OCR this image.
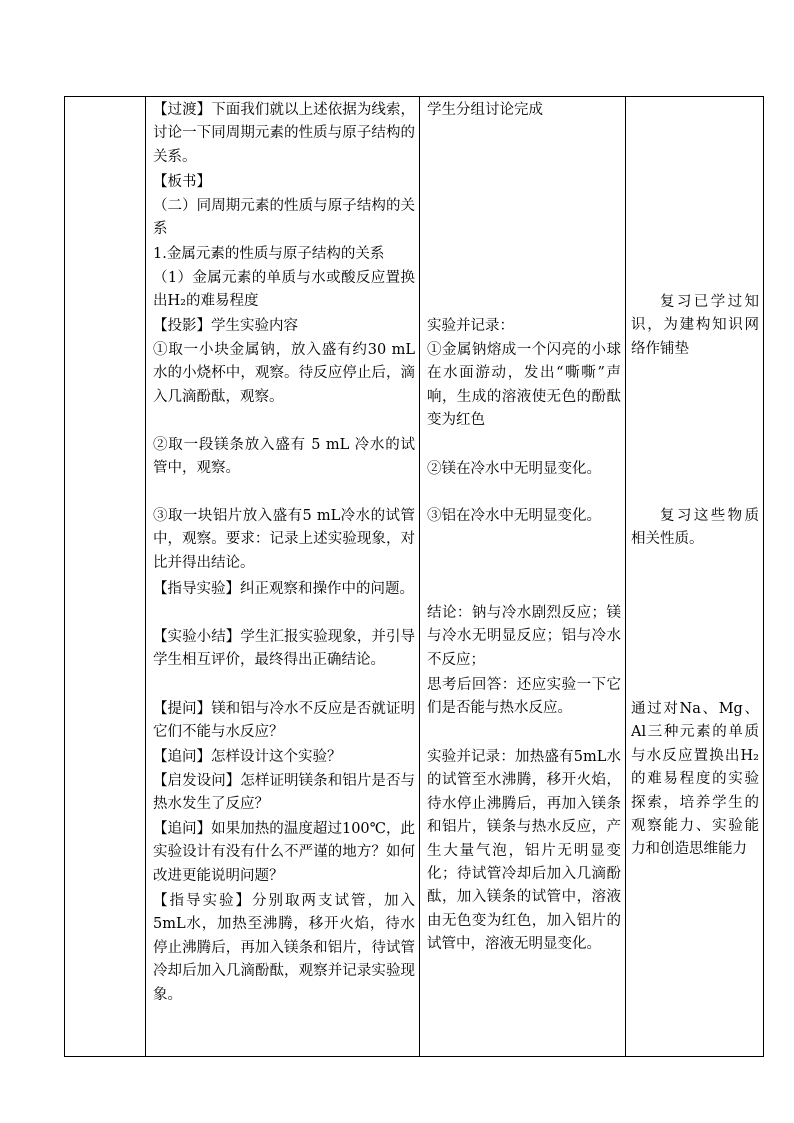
【过渡】下面我们就以上述依据为线索，讨论一下同周期元素的性质与原子结构的关系。

【板书】

（二）同周期元素的性质与原子结构的关系

1.金属元素的性质与原子结构的关系

（1）金属元素的单质与水或酸反应置换出H₂的难易程度

【投影】学生实验内容

①取一小块金属钠，放入盛有约30 mL水的小烧杯中，观察。待反应停止后，滴入几滴酚酞，观察。

②取一段镁条放入盛有 5 mL 冷水的试管中，观察。

③取一块铝片放入盛有5 mL冷水的试管中，观察。要求：记录上述实验现象，对比并得出结论。

【指导实验】纠正观察和操作中的问题。

【实验小结】学生汇报实验现象，并引导学生相互评价，最终得出正确结论。

【提问】镁和铝与冷水不反应是否就证明它们不能与水反应？

【追问】怎样设计这个实验？

【启发设问】怎样证明镁条和铝片是否与热水发生了反应？

【追问】如果加热的温度超过100℃，此实验设计有没有什么不严谨的地方？如何改进更能说明问题？

【指导实验】分别取两支试管，加入5mL水，加热至沸腾，移开火焰，待水停止沸腾后，再加入镁条和铝片，待试管冷却后加入几滴酚酞，观察并记录实验现象。

学生分组讨论完成

实验并记录：

①金属钠熔成一个闪亮的小球在水面游动，发出“嘶嘶”声响，生成的溶液使无色的酚酞变为红色

②镁在冷水中无明显变化。

③铝在冷水中无明显变化。

结论：钠与冷水剧烈反应；镁与冷水无明显反应；铝与冷水不反应；

思考后回答：还应实验一下它们是否能与热水反应。

实验并记录：加热盛有5mL水的试管至水沸腾，移开火焰，待水停止沸腾后，再加入镁条和铝片，镁条与热水反应，产生大量气泡，铝片无明显变化；待试管冷却后加入几滴酚酞，加入镁条的试管中，溶液由无色变为红色，加入铝片的试管中，溶液无明显变化。

复习已学过知识，为建构知识网络作铺垫

复习这些物质相关性质。

通过对Na、Mg、Al三种元素的单质与水反应置换出H₂的难易程度的实验探索，培养学生的观察能力、实验能力和创造思维能力
